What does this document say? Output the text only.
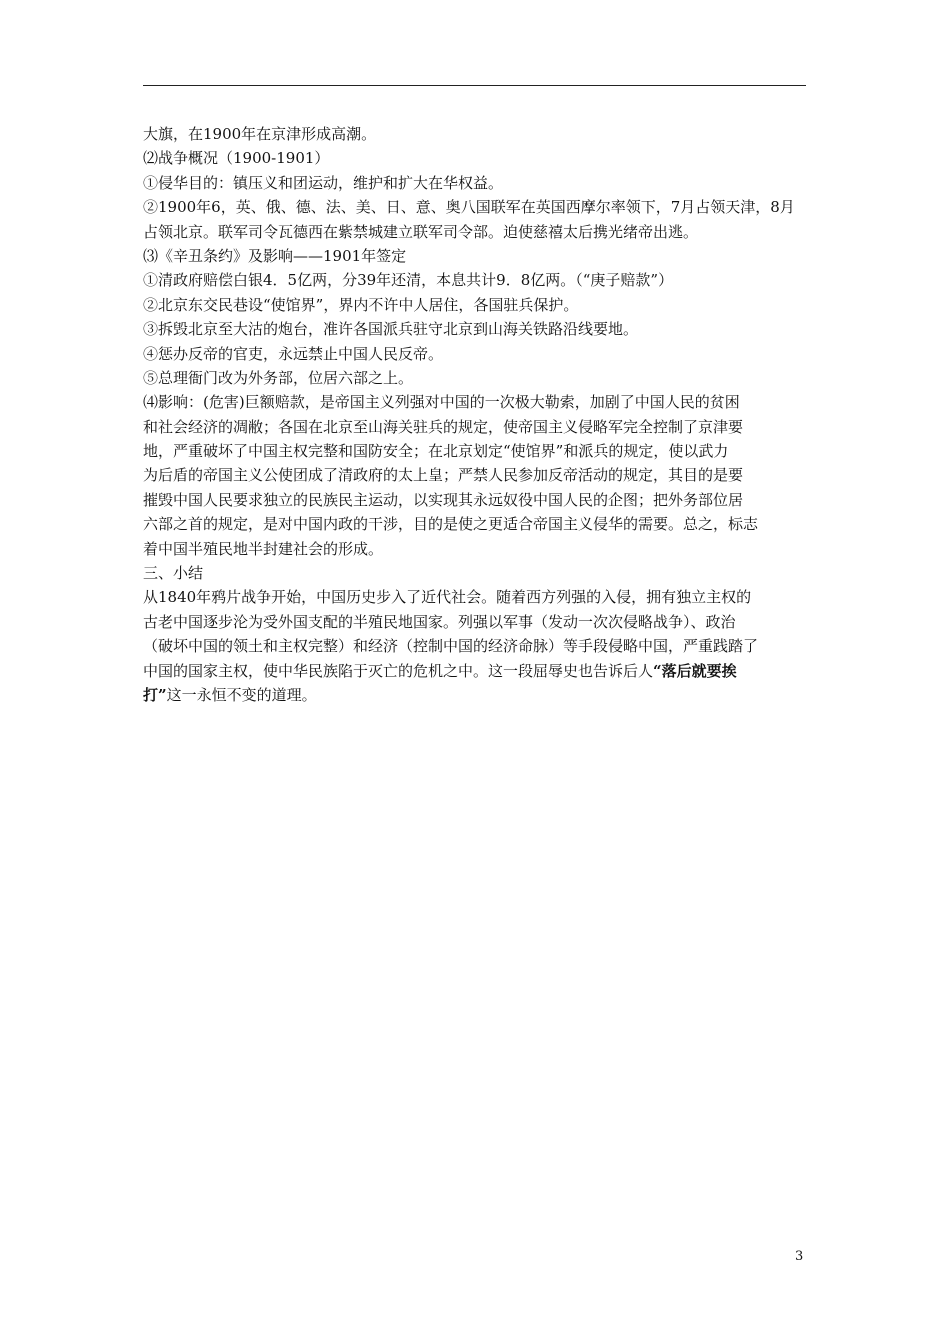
大旗，在1900年在京津形成高潮。
⑵战争概况（1900-1901）
①侵华目的：镇压义和团运动，维护和扩大在华权益。
②1900年6，英、俄、德、法、美、日、意、奥八国联军在英国西摩尔率领下，7月占领天津，8月
占领北京。联军司令瓦德西在紫禁城建立联军司令部。迫使慈禧太后携光绪帝出逃。
⑶《辛丑条约》及影响——1901年签定
①清政府赔偿白银4．5亿两，分39年还清，本息共计9．8亿两。（“庚子赔款”）
②北京东交民巷设“使馆界”，界内不许中人居住，各国驻兵保护。
③拆毁北京至大沽的炮台，准许各国派兵驻守北京到山海关铁路沿线要地。
④惩办反帝的官吏，永远禁止中国人民反帝。
⑤总理衙门改为外务部，位居六部之上。
⑷影响：(危害)巨额赔款，是帝国主义列强对中国的一次极大勒索，加剧了中国人民的贫困
和社会经济的凋敝；各国在北京至山海关驻兵的规定，使帝国主义侵略军完全控制了京津要
地，严重破坏了中国主权完整和国防安全；在北京划定“使馆界”和派兵的规定，使以武力
为后盾的帝国主义公使团成了清政府的太上皇；严禁人民参加反帝活动的规定，其目的是要
摧毁中国人民要求独立的民族民主运动，以实现其永远奴役中国人民的企图；把外务部位居
六部之首的规定，是对中国内政的干涉，目的是使之更适合帝国主义侵华的需要。总之，标志
着中国半殖民地半封建社会的形成。
三、小结
从1840年鸦片战争开始，中国历史步入了近代社会。随着西方列强的入侵，拥有独立主权的
古老中国逐步沦为受外国支配的半殖民地国家。列强以军事（发动一次次侵略战争）、政治
（破坏中国的领土和主权完整）和经济（控制中国的经济命脉）等手段侵略中国，严重践踏了
中国的国家主权，使中华民族陷于灭亡的危机之中。这一段屈辱史也告诉后人“落后就要挨
打”这一永恒不变的道理。
3
